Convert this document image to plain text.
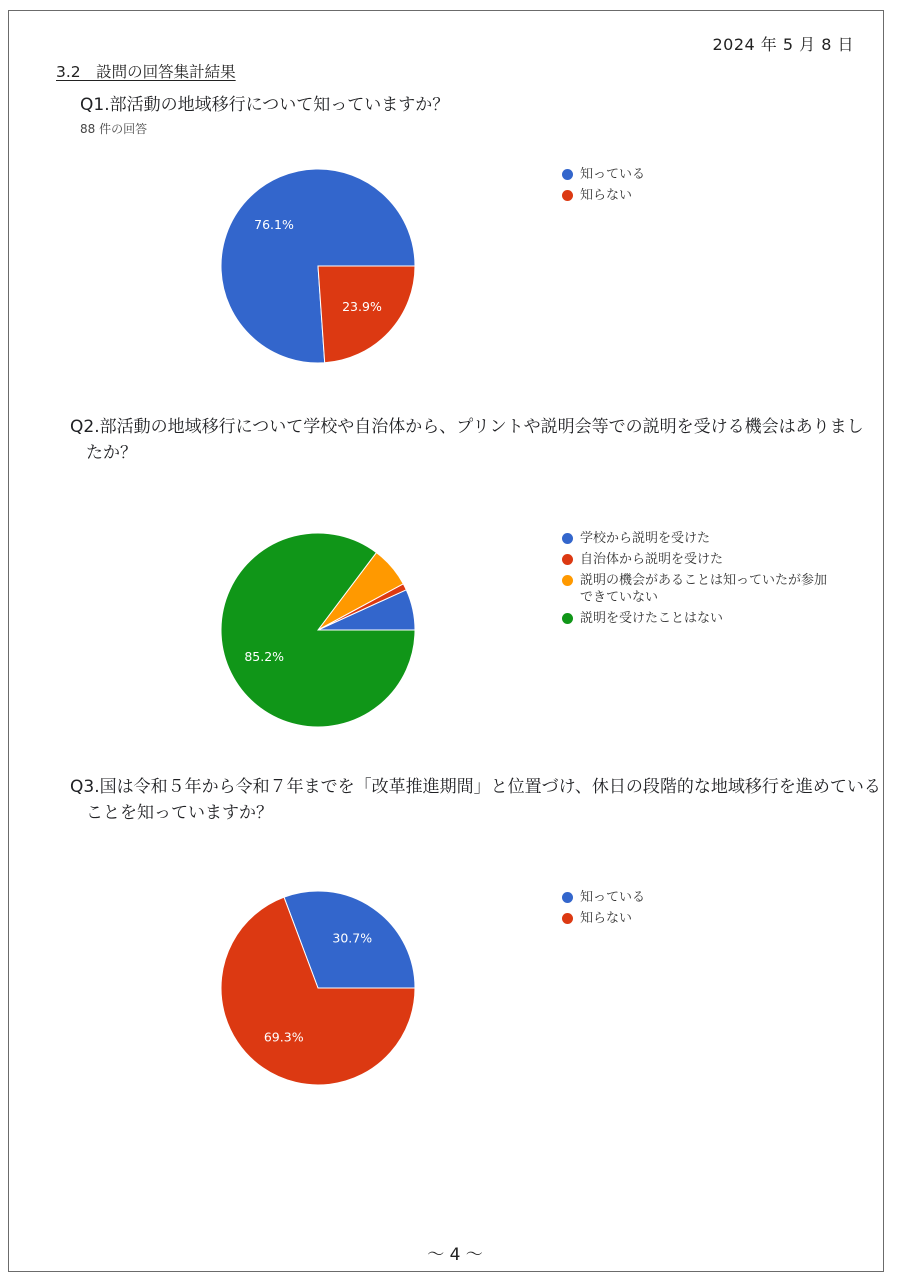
2024 年 5 月 8 日
3.2　設問の回答集計結果
Q1.部活動の地域移行について知っていますか？
88 件の回答
76.1%
23.9%
知っている
知らない
Q2.部活動の地域移行について学校や自治体から、プリントや説明会等での説明を受ける機会はありましたか？
85.2%
学校から説明を受けた
自治体から説明を受けた
説明の機会があることは知っていたが参加できていない
説明を受けたことはない
Q3.国は令和５年から令和７年までを「改革推進期間」と位置づけ、休日の段階的な地域移行を進めていることを知っていますか？
30.7%
69.3%
知っている
知らない
～ 4 ～
